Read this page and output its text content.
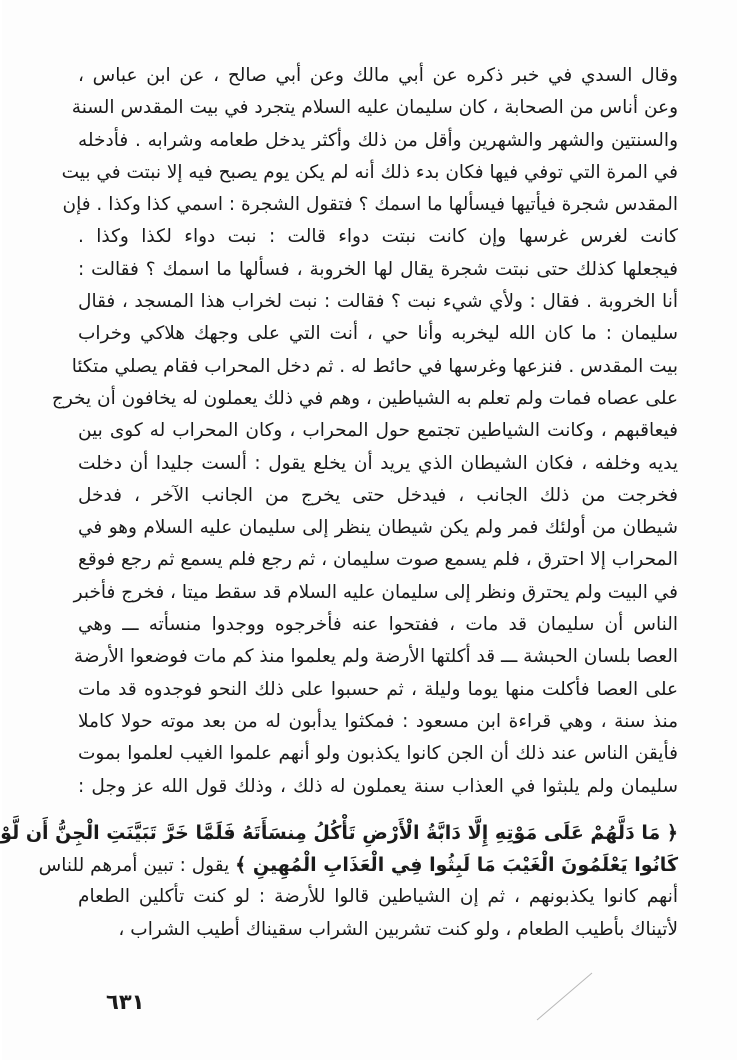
وقال السدي في خبر ذكره عن أبي مالك وعن أبي صالح ، عن ابن عباس ،
وعن أناس من الصحابة ، كان سليمان عليه السلام يتجرد في بيت المقدس السنة
والسنتين والشهر والشهرين وأقل من ذلك وأكثر يدخل طعامه وشرابه . فأدخله
في المرة التي توفي فيها فكان بدء ذلك أنه لم يكن يوم يصبح فيه إلا نبتت في بيت
المقدس شجرة فيأتيها فيسألها ما اسمك ؟ فتقول الشجرة : اسمي كذا وكذا . فإن
كانت لغرس غرسها وإن كانت نبتت دواء قالت : نبت دواء لكذا وكذا .
فيجعلها كذلك حتى نبتت شجرة يقال لها الخروبة ، فسألها ما اسمك ؟ فقالت :
أنا الخروبة . فقال : ولأي شيء نبت ؟ فقالت : نبت لخراب هذا المسجد ، فقال
سليمان : ما كان الله ليخربه وأنا حي ، أنت التي على وجهك هلاكي وخراب
بيت المقدس . فنزعها وغرسها في حائط له . ثم دخل المحراب فقام يصلي متكئا
على عصاه فمات ولم تعلم به الشياطين ، وهم في ذلك يعملون له يخافون أن يخرج
فيعاقبهم ، وكانت الشياطين تجتمع حول المحراب ، وكان المحراب له كوى بين
يديه وخلفه ، فكان الشيطان الذي يريد أن يخلع يقول : ألست جليدا أن دخلت
فخرجت من ذلك الجانب ، فيدخل حتى يخرج من الجانب الآخر ، فدخل
شيطان من أولئك فمر ولم يكن شيطان ينظر إلى سليمان عليه السلام وهو في
المحراب إلا احترق ، فلم يسمع صوت سليمان ، ثم رجع فلم يسمع ثم رجع فوقع
في البيت ولم يحترق ونظر إلى سليمان عليه السلام قد سقط ميتا ، فخرج فأخبر
الناس أن سليمان قد مات ، ففتحوا عنه فأخرجوه ووجدوا منسأته ـــ وهي
العصا بلسان الحبشة ـــ قد أكلتها الأرضة ولم يعلموا منذ كم مات فوضعوا الأرضة
على العصا فأكلت منها يوما وليلة ، ثم حسبوا على ذلك النحو فوجدوه قد مات
منذ سنة ، وهي قراءة ابن مسعود : فمكثوا يدأبون له من بعد موته حولا كاملا
فأيقن الناس عند ذلك أن الجن كانوا يكذبون ولو أنهم علموا الغيب لعلموا بموت
سليمان ولم يلبثوا في العذاب سنة يعملون له ذلك ، وذلك قول الله عز وجل :
﴿ مَا دَلَّهُمْ عَلَى مَوْتِهِ إِلَّا دَابَّةُ الْأَرْضِ تَأْكُلُ مِنسَأَتَهُ فَلَمَّا خَرَّ تَبَيَّنَتِ الْجِنُّ أَن لَّوْ
كَانُوا يَعْلَمُونَ الْغَيْبَ مَا لَبِثُوا فِي الْعَذَابِ الْمُهِينِ ﴾ يقول : تبين أمرهم للناس
أنهم كانوا يكذبونهم ، ثم إن الشياطين قالوا للأرضة : لو كنت تأكلين الطعام
لأتيناك بأطيب الطعام ، ولو كنت تشربين الشراب سقيناك أطيب الشراب ،
٦٣١
